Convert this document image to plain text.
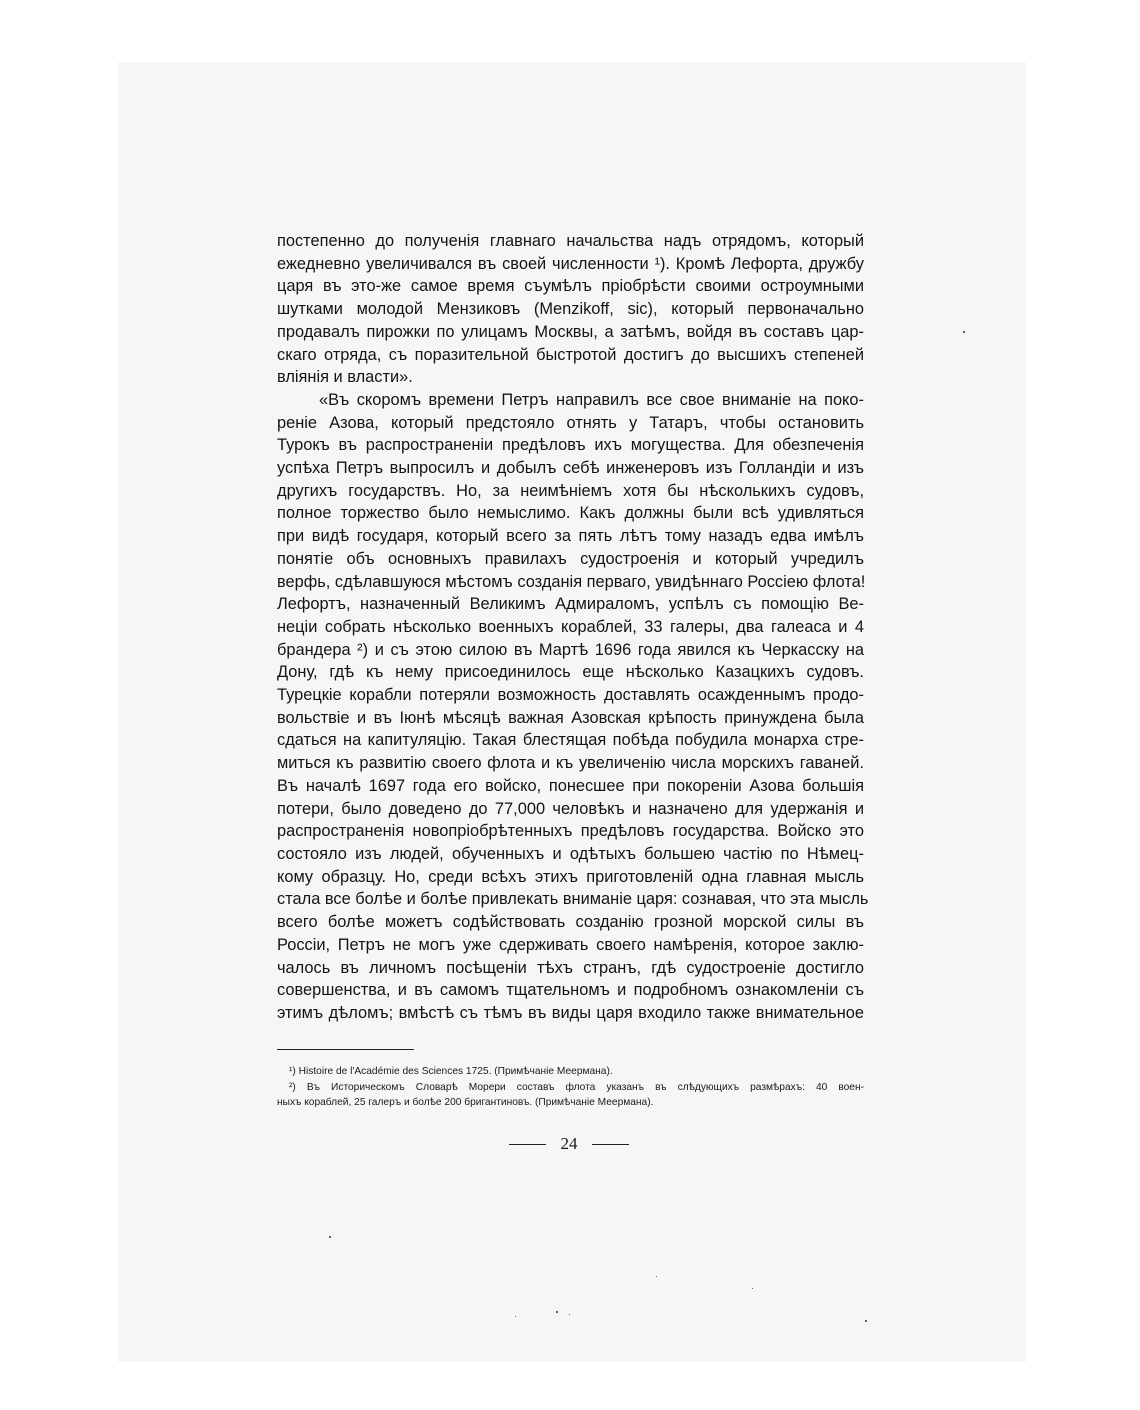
постепенно до полученія главнаго начальства надъ отрядомъ, который
ежедневно увеличивался въ своей численности ¹). Кромѣ Лефорта, дружбу
царя въ это-же самое время съумѣлъ пріобрѣсти своими остроумными
шутками молодой Мензиковъ (Menzikoff, sic), который первоначально
продавалъ пирожки по улицамъ Москвы, а затѣмъ, войдя въ составъ цар-
скаго отряда, съ поразительной быстротой достигъ до высшихъ степеней
вліянія и власти».
«Въ скоромъ времени Петръ направилъ все свое вниманіе на поко-
реніе Азова, который предстояло отнять у Татаръ, чтобы остановить
Турокъ въ распространеніи предѣловъ ихъ могущества. Для обезпеченія
успѣха Петръ выпросилъ и добылъ себѣ инженеровъ изъ Голландіи и изъ
другихъ государствъ. Но, за неимѣніемъ хотя бы нѣсколькихъ судовъ,
полное торжество было немыслимо. Какъ должны были всѣ удивляться
при видѣ государя, который всего за пять лѣтъ тому назадъ едва имѣлъ
понятіе объ основныхъ правилахъ судостроенія и который учредилъ
верфь, сдѣлавшуюся мѣстомъ созданія перваго, увидѣннаго Россіею флота!
Лефортъ, назначенный Великимъ Адмираломъ, успѣлъ съ помощію Ве-
неціи собрать нѣсколько военныхъ кораблей, 33 галеры, два галеаса и 4
брандера ²) и съ этою силою въ Мартѣ 1696 года явился къ Черкасску на
Дону, гдѣ къ нему присоединилось еще нѣсколько Казацкихъ судовъ.
Турецкіе корабли потеряли возможность доставлять осажденнымъ продо-
вольствіе и въ Іюнѣ мѣсяцѣ важная Азовская крѣпость принуждена была
сдаться на капитуляцію. Такая блестящая побѣда побудила монарха стре-
миться къ развитію своего флота и къ увеличенію числа морскихъ гаваней.
Въ началѣ 1697 года его войско, понесшее при покореніи Азова большія
потери, было доведено до 77,000 человѣкъ и назначено для удержанія и
распространенія новопріобрѣтенныхъ предѣловъ государства. Войско это
состояло изъ людей, обученныхъ и одѣтыхъ большею частію по Нѣмец-
кому образцу. Но, среди всѣхъ этихъ приготовленій одна главная мысль
стала все болѣе и болѣе привлекать вниманіе царя: сознавая, что эта мысль
всего болѣе можетъ содѣйствовать созданію грозной морской силы въ
Россіи, Петръ не могъ уже сдерживать своего намѣренія, которое заклю-
чалось въ личномъ посѣщеніи тѣхъ странъ, гдѣ судостроеніе достигло
совершенства, и въ самомъ тщательномъ и подробномъ ознакомленіи съ
этимъ дѣломъ; вмѣстѣ съ тѣмъ въ виды царя входило также внимательное
¹) Histoire de l'Académie des Sciences 1725. (Примѣчаніе Меермана).
²) Въ Историческомъ Словарѣ Морери составъ флота указанъ въ слѣдующихъ размѣрахъ: 40 воен-
ныхъ кораблей, 25 галеръ и болѣе 200 бригантиновъ. (Примѣчаніе Меермана).
24
